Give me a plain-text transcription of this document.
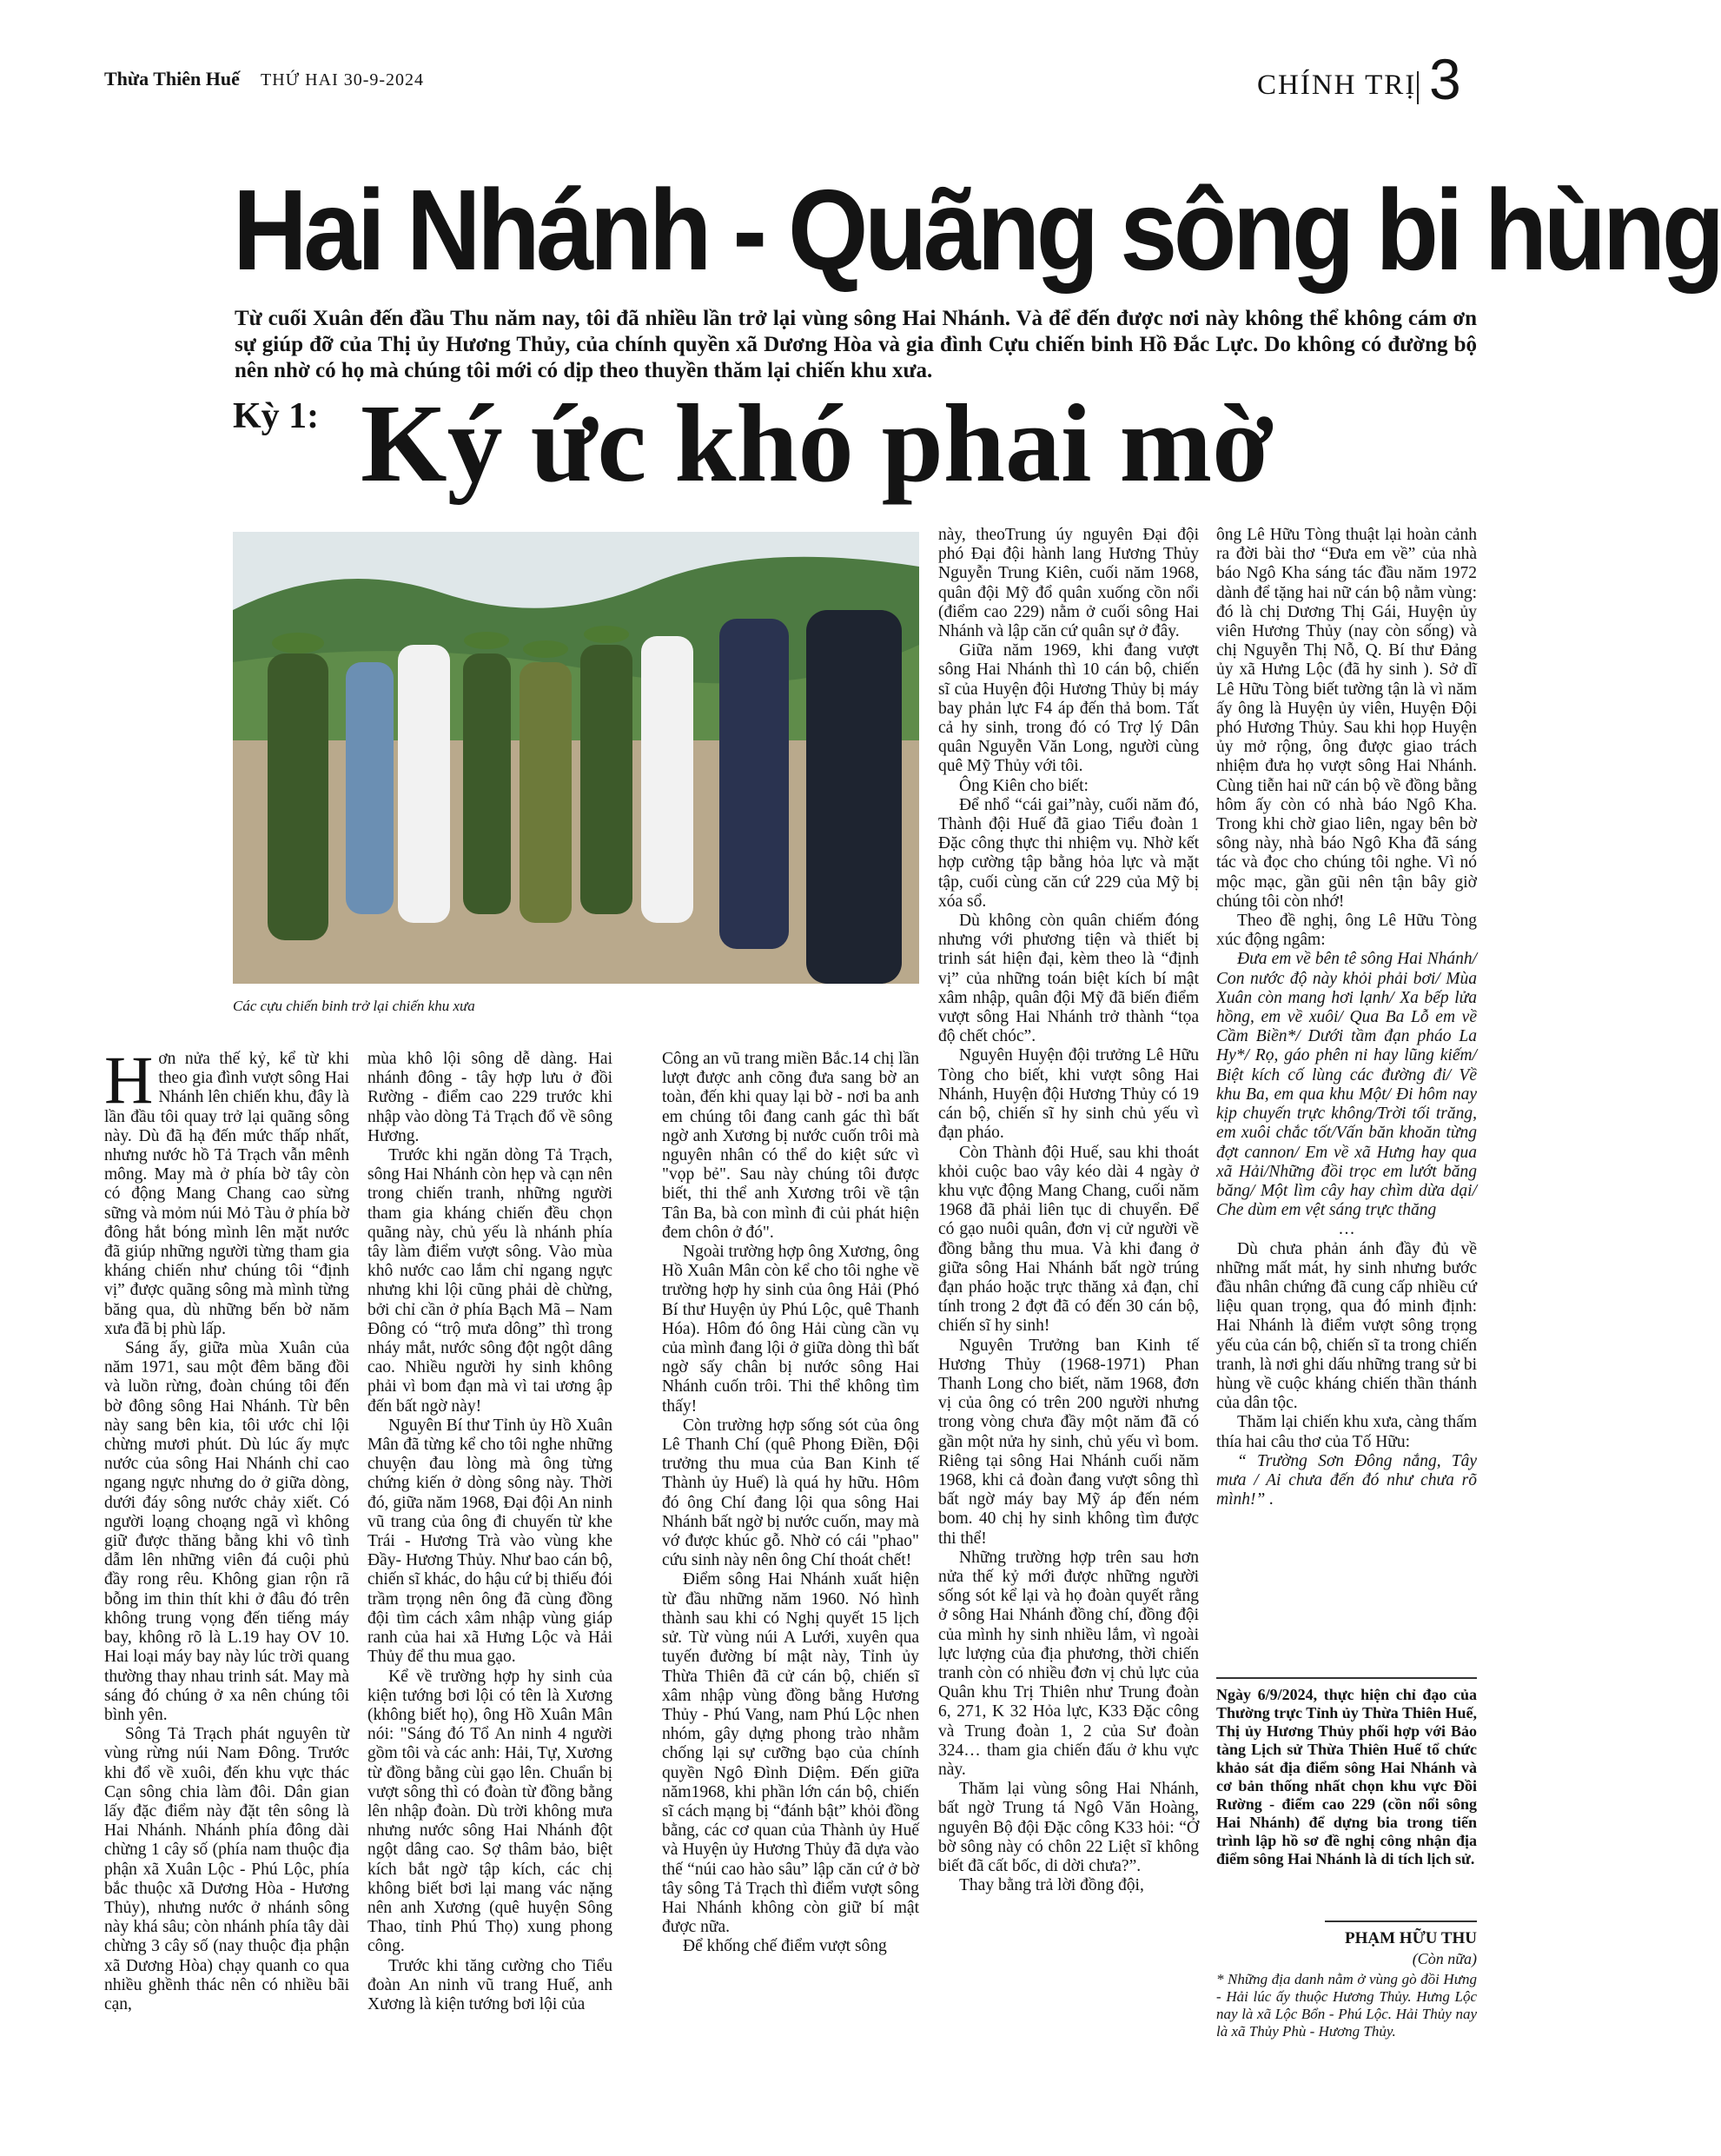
Thừa Thiên Huế THỨ HAI 30-9-2024	CHÍNH TRỊ 3
Hai Nhánh - Quãng sông bi hùng
Từ cuối Xuân đến đầu Thu năm nay, tôi đã nhiều lần trở lại vùng sông Hai Nhánh. Và để đến được nơi này không thể không cám ơn sự giúp đỡ của Thị ủy Hương Thủy, của chính quyền xã Dương Hòa và gia đình Cựu chiến binh Hồ Đắc Lực. Do không có đường bộ nên nhờ có họ mà chúng tôi mới có dịp theo thuyền thăm lại chiến khu xưa.
Kỳ 1: Ký ức khó phai mờ
Các cựu chiến binh trở lại chiến khu xưa

Hơn nửa thế kỷ, kể từ khi theo gia đình vượt sông Hai Nhánh lên chiến khu, đây là lần đầu tôi quay trở lại quãng sông này. Dù đã hạ đến mức thấp nhất, nhưng nước hồ Tả Trạch vẫn mênh mông. May mà ở phía bờ tây còn có động Mang Chang cao sừng sững và mỏm núi Mỏ Tàu ở phía bờ đông hắt bóng mình lên mặt nước đã giúp những người từng tham gia kháng chiến như chúng tôi “định vị” được quãng sông mà mình từng băng qua, dù những bến bờ năm xưa đã bị phù lấp.

Sáng ấy, giữa mùa Xuân của năm 1971, sau một đêm băng đồi và luồn rừng, đoàn chúng tôi đến bờ đông sông Hai Nhánh. Từ bên này sang bên kia, tôi ước chỉ lội chừng mươi phút. Dù lúc ấy mực nước của sông Hai Nhánh chỉ cao ngang ngực nhưng do ở giữa dòng, dưới đáy sông nước chảy xiết. Có người loạng choạng ngã vì không giữ được thăng bằng khi vô tình dẫm lên những viên đá cuội phủ đầy rong rêu. Không gian rộn rã bỗng im thin thít khi ở đâu đó trên không trung vọng đến tiếng máy bay, không rõ là L.19 hay OV 10. Hai loại máy bay này lúc trời quang thường thay nhau trinh sát. May mà sáng đó chúng ở xa nên chúng tôi bình yên.

Sông Tả Trạch phát nguyên từ vùng rừng núi Nam Đông. Trước khi đổ về xuôi, đến khu vực thác Cạn sông chia làm đôi. Dân gian lấy đặc điểm này đặt tên sông là Hai Nhánh. Nhánh phía đông dài chừng 1 cây số (phía nam thuộc địa phận xã Xuân Lộc - Phú Lộc, phía bắc thuộc xã Dương Hòa - Hương Thủy), nhưng nước ở nhánh sông này khá sâu; còn nhánh phía tây dài chừng 3 cây số (nay thuộc địa phận xã Dương Hòa) chạy quanh co qua nhiều ghềnh thác nên có nhiều bãi cạn,

mùa khô lội sông dễ dàng. Hai nhánh đông - tây hợp lưu ở đồi Rường - điểm cao 229 trước khi nhập vào dòng Tả Trạch đổ về sông Hương.

Trước khi ngăn dòng Tả Trạch, sông Hai Nhánh còn hẹp và cạn nên trong chiến tranh, những người tham gia kháng chiến đều chọn quãng này, chủ yếu là nhánh phía tây làm điểm vượt sông. Vào mùa khô nước cao lắm chỉ ngang ngực nhưng khi lội cũng phải dè chừng, bởi chỉ cần ở phía Bạch Mã – Nam Đông có “trộ mưa dông” thì trong nháy mắt, nước sông đột ngột dâng cao. Nhiều người hy sinh không phải vì bom đạn mà vì tai ương ập đến bất ngờ này!

Nguyên Bí thư Tỉnh ủy Hồ Xuân Mân đã từng kể cho tôi nghe những chuyện đau lòng mà ông từng chứng kiến ở dòng sông này. Thời đó, giữa năm 1968, Đại đội An ninh vũ trang của ông đi chuyến từ khe Trái - Hương Trà vào vùng khe Đầy- Hương Thủy. Như bao cán bộ, chiến sĩ khác, do hậu cứ bị thiếu đói trầm trọng nên ông đã cùng đồng đội tìm cách xâm nhập vùng giáp ranh của hai xã Hưng Lộc và Hải Thủy để thu mua gạo.

Kể về trường hợp hy sinh của kiện tướng bơi lội có tên là Xương (không biết họ), ông Hồ Xuân Mân nói: "Sáng đó Tổ An ninh 4 người gồm tôi và các anh: Hải, Tự, Xương từ đồng bằng cùi gạo lên. Chuẩn bị vượt sông thì có đoàn từ đồng bằng lên nhập đoàn. Dù trời không mưa nhưng nước sông Hai Nhánh đột ngột dâng cao. Sợ thâm bảo, biệt kích bắt ngờ tập kích, các chị không biết bơi lại mang vác nặng nên anh Xương (quê huyện Sông Thao, tỉnh Phú Thọ) xung phong công.

Trước khi tăng cường cho Tiểu đoàn An ninh vũ trang Huế, anh Xương là kiện tướng bơi lội của

Công an vũ trang miền Bắc.14 chị lần lượt được anh cõng đưa sang bờ an toàn, đến khi quay lại bờ - nơi ba anh em chúng tôi đang canh gác thì bất ngờ anh Xương bị nước cuốn trôi mà nguyên nhân có thể do kiệt sức vì "vọp bẻ". Sau này chúng tôi được biết, thi thể anh Xương trôi về tận Tân Ba, bà con mình đi củi phát hiện đem chôn ở đó".

Ngoài trường hợp ông Xương, ông Hồ Xuân Mân còn kể cho tôi nghe về trường hợp hy sinh của ông Hải (Phó Bí thư Huyện ủy Phú Lộc, quê Thanh Hóa). Hôm đó ông Hải cùng cần vụ của mình đang lội ở giữa dòng thì bất ngờ sấy chân bị nước sông Hai Nhánh cuốn trôi. Thi thể không tìm thấy!

Còn trường hợp sống sót của ông Lê Thanh Chí (quê Phong Điền, Đội trưởng thu mua của Ban Kinh tế Thành ủy Huế) là quá hy hữu. Hôm đó ông Chí đang lội qua sông Hai Nhánh bất ngờ bị nước cuốn, may mà vớ được khúc gỗ. Nhờ có cái "phao" cứu sinh này nên ông Chí thoát chết!

Điểm sông Hai Nhánh xuất hiện từ đầu những năm 1960. Nó hình thành sau khi có Nghị quyết 15 lịch sử. Từ vùng núi A Lưới, xuyên qua tuyến đường bí mật này, Tỉnh ủy Thừa Thiên đã cử cán bộ, chiến sĩ xâm nhập vùng đồng bằng Hương Thủy - Phú Vang, nam Phú Lộc nhen nhóm, gây dựng phong trào nhằm chống lại sự cưỡng bạo của chính quyền Ngô Đình Diệm. Đến giữa năm1968, khi phần lớn cán bộ, chiến sĩ cách mạng bị “đánh bật” khỏi đồng bằng, các cơ quan của Thành ủy Huế và Huyện ủy Hương Thủy đã dựa vào thế “núi cao hào sâu” lập căn cứ ở bờ tây sông Tả Trạch thì điểm vượt sông Hai Nhánh không còn giữ bí mật được nữa.

Để khống chế điểm vượt sông

này, theoTrung úy nguyên Đại đội phó Đại đội hành lang Hương Thủy Nguyễn Trung Kiên, cuối năm 1968, quân đội Mỹ đổ quân xuống cồn nổi (điểm cao 229) nằm ở cuối sông Hai Nhánh và lập căn cứ quân sự ở đây.

Giữa năm 1969, khi đang vượt sông Hai Nhánh thì 10 cán bộ, chiến sĩ của Huyện đội Hương Thủy bị máy bay phản lực F4 áp đến thả bom. Tất cả hy sinh, trong đó có Trợ lý Dân quân Nguyễn Văn Long, người cùng quê Mỹ Thủy với tôi.

Ông Kiên cho biết:

Để nhổ “cái gai”này, cuối năm đó, Thành đội Huế đã giao Tiểu đoàn 1 Đặc công thực thi nhiệm vụ. Nhờ kết hợp cường tập bằng hỏa lực và mặt tập, cuối cùng căn cứ 229 của Mỹ bị xóa sổ.

Dù không còn quân chiếm đóng nhưng với phương tiện và thiết bị trinh sát hiện đại, kèm theo là “định vị” của những toán biệt kích bí mật xâm nhập, quân đội Mỹ đã biến điểm vượt sông Hai Nhánh trở thành “tọa độ chết chóc”.

Nguyên Huyện đội trưởng Lê Hữu Tòng cho biết, khi vượt sông Hai Nhánh, Huyện đội Hương Thủy có 19 cán bộ, chiến sĩ hy sinh chủ yếu vì đạn pháo.

Còn Thành đội Huế, sau khi thoát khỏi cuộc bao vây kéo dài 4 ngày ở khu vực động Mang Chang, cuối năm 1968 đã phải liên tục di chuyển. Để có gạo nuôi quân, đơn vị cử người về đồng bằng thu mua. Và khi đang ở giữa sông Hai Nhánh bất ngờ trúng đạn pháo hoặc trực thăng xả đạn, chỉ tính trong 2 đợt đã có đến 30 cán bộ, chiến sĩ hy sinh!

Nguyên Trưởng ban Kinh tế Hương Thủy (1968-1971) Phan Thanh Long cho biết, năm 1968, đơn vị của ông có trên 200 người nhưng trong vòng chưa đầy một năm đã có gần một nửa hy sinh, chủ yếu vì bom. Riêng tại sông Hai Nhánh cuối năm 1968, khi cả đoàn đang vượt sông thì bất ngờ máy bay Mỹ áp đến ném bom. 40 chị hy sinh không tìm được thi thể!

Những trường hợp trên sau hơn nửa thế kỷ mới được những người sống sót kể lại và họ đoàn quyết rằng ở sông Hai Nhánh đồng chí, đồng đội của mình hy sinh nhiều lắm, vì ngoài lực lượng của địa phương, thời chiến tranh còn có nhiều đơn vị chủ lực của Quân khu Trị Thiên như Trung đoàn 6, 271, K 32 Hỏa lực, K33 Đặc công và Trung đoàn 1, 2 của Sư đoàn 324… tham gia chiến đấu ở khu vực này.

Thăm lại vùng sông Hai Nhánh, bất ngờ Trung tá Ngô Văn Hoàng, nguyên Bộ đội Đặc công K33 hỏi: “Ở bờ sông này có chôn 22 Liệt sĩ không biết đã cất bốc, di dời chưa?”.

Thay bằng trả lời đồng đội,

ông Lê Hữu Tòng thuật lại hoàn cảnh ra đời bài thơ “Đưa em về” của nhà báo Ngô Kha sáng tác đầu năm 1972 dành để tặng hai nữ cán bộ nằm vùng: đó là chị Dương Thị Gái, Huyện ủy viên Hương Thủy (nay còn sống) và chị Nguyễn Thị Nỗ, Q. Bí thư Đảng ủy xã Hưng Lộc (đã hy sinh ). Sở dĩ Lê Hữu Tòng biết tường tận là vì năm ấy ông là Huyện ủy viên, Huyện Đội phó Hương Thủy. Sau khi họp Huyện ủy mở rộng, ông được giao trách nhiệm đưa họ vượt sông Hai Nhánh. Cùng tiễn hai nữ cán bộ về đồng bằng hôm ấy còn có nhà báo Ngô Kha. Trong khi chờ giao liên, ngay bên bờ sông này, nhà báo Ngô Kha đã sáng tác và đọc cho chúng tôi nghe. Vì nó mộc mạc, gần gũi nên tận bây giờ chúng tôi còn nhớ!

Theo đề nghị, ông Lê Hữu Tòng xúc động ngâm:

Đưa em về bên tê sông Hai Nhánh/ Con nước độ này khỏi phải bơi/ Mùa Xuân còn mang hơi lạnh/ Xa bếp lửa hồng, em về xuôi/ Qua Ba Lỗ em về Cầm Biền*/ Dưới tầm đạn pháo La Hy*/ Rọ, gáo phên ni hay lũng kiếm/ Biệt kích cố lùng các đường đi/ Về khu Ba, em qua khu Một/ Đi hôm nay kịp chuyến trực không/Trời tối trăng, em xuôi chắc tốt/Vấn băn khoăn từng đợt cannon/ Em về xã Hưng hay qua xã Hải/Những đồi trọc em lướt băng băng/ Một lìm cây hay chìm dừa dại/ Che dùm em vệt sáng trực thăng

…

Dù chưa phản ánh đầy đủ về những mất mát, hy sinh nhưng bước đầu nhân chứng đã cung cấp nhiều cứ liệu quan trọng, qua đó minh định: Hai Nhánh là điểm vượt sông trọng yếu của cán bộ, chiến sĩ ta trong chiến tranh, là nơi ghi dấu những trang sử bi hùng về cuộc kháng chiến thần thánh của dân tộc.

Thăm lại chiến khu xưa, càng thấm thía hai câu thơ của Tố Hữu:

“ Trường Sơn Đông nắng, Tây mưa / Ai chưa đến đó như chưa rõ mình!” .

Ngày 6/9/2024, thực hiện chỉ đạo của Thường trực Tỉnh ủy Thừa Thiên Huế, Thị ủy Hương Thủy phối hợp với Bảo tàng Lịch sử Thừa Thiên Huế tổ chức khảo sát địa điểm sông Hai Nhánh và cơ bản thống nhất chọn khu vực Đồi Rường - điểm cao 229 (cồn nổi sông Hai Nhánh) để dựng bia trong tiến trình lập hồ sơ đề nghị công nhận địa điểm sông Hai Nhánh là di tích lịch sử.
PHẠM HỮU THU
(Còn nữa)
* Những địa danh nằm ở vùng gò đồi Hưng - Hải lúc ấy thuộc Hương Thủy. Hưng Lộc nay là xã Lộc Bổn - Phú Lộc. Hải Thủy nay là xã Thủy Phù - Hương Thủy.
